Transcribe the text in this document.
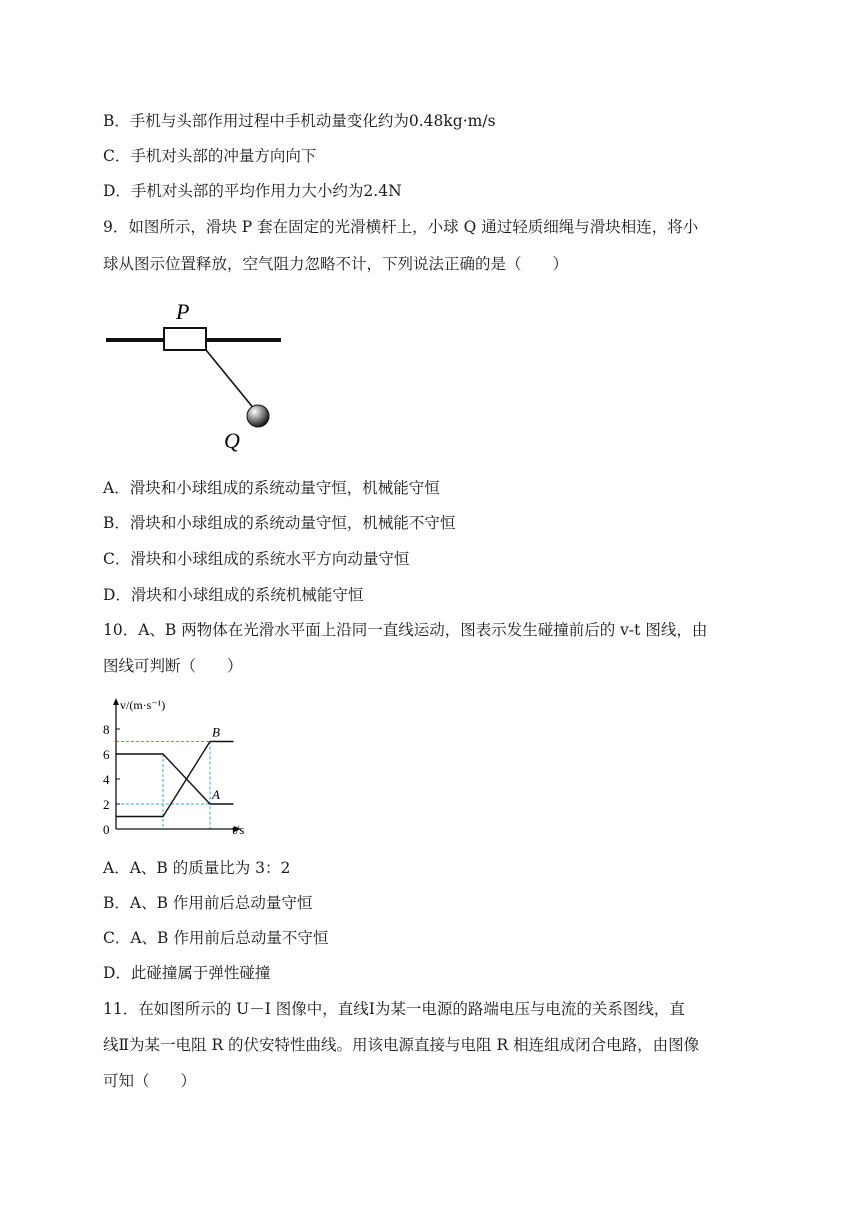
B．手机与头部作用过程中手机动量变化约为0.48kg·m/s
C．手机对头部的冲量方向向下
D．手机对头部的平均作用力大小约为2.4N
9．如图所示，滑块 P 套在固定的光滑横杆上，小球 Q 通过轻质细绳与滑块相连，将小
球从图示位置释放，空气阻力忽略不计，下列说法正确的是（　　）
P
Q
A．滑块和小球组成的系统动量守恒，机械能守恒
B．滑块和小球组成的系统动量守恒，机械能不守恒
C．滑块和小球组成的系统水平方向动量守恒
D．滑块和小球组成的系统机械能守恒
10．A、B 两物体在光滑水平面上沿同一直线运动，图表示发生碰撞前后的 v-t 图线，由
图线可判断（　　）
0
2
4
6
8
v/(m·s⁻¹)
t/s
A
B
A．A、B 的质量比为 3：2
B．A、B 作用前后总动量守恒
C．A、B 作用前后总动量不守恒
D．此碰撞属于弹性碰撞
11．在如图所示的 U－I 图像中，直线Ⅰ为某一电源的路端电压与电流的关系图线，直
线Ⅱ为某一电阻 R 的伏安特性曲线。用该电源直接与电阻 R 相连组成闭合电路，由图像
可知（　　）
